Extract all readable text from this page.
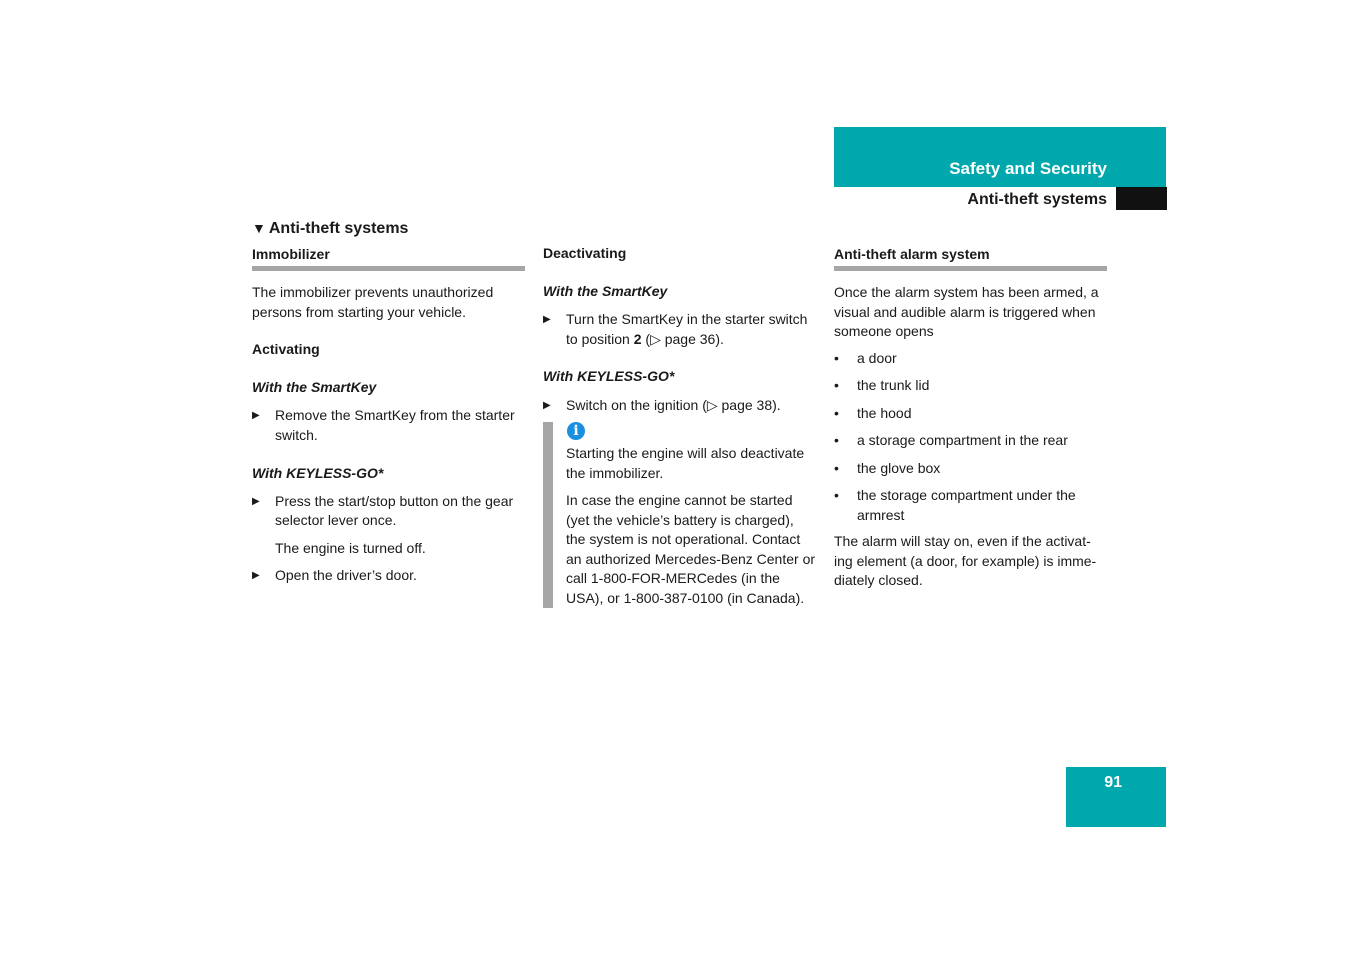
Safety and Security
Anti-theft systems
▼ Anti-theft systems
Immobilizer

The immobilizer prevents unauthorized persons from starting your vehicle.

Activating

With the SmartKey

▶ Remove the SmartKey from the starter switch.

With KEYLESS-GO*

▶ Press the start/stop button on the gear selector lever once.

The engine is turned off.

▶ Open the driver’s door.

Deactivating

With the SmartKey

▶ Turn the SmartKey in the starter switch to position 2 (▷ page 36).

With KEYLESS-GO*

▶ Switch on the ignition (▷ page 38).
i

Starting the engine will also deactivate the immobilizer.

In case the engine cannot be started (yet the vehicle’s battery is charged), the system is not operational. Contact an authorized Mercedes-Benz Center or call 1-800-FOR-MERCedes (in the USA), or 1-800-387-0100 (in Canada).

Anti-theft alarm system

Once the alarm system has been armed, a visual and audible alarm is triggered when someone opens

• a door
• the trunk lid
• the hood
• a storage compartment in the rear
• the glove box
• the storage compartment under the armrest

The alarm will stay on, even if the activat-ing element (a door, for example) is imme-diately closed.

91
